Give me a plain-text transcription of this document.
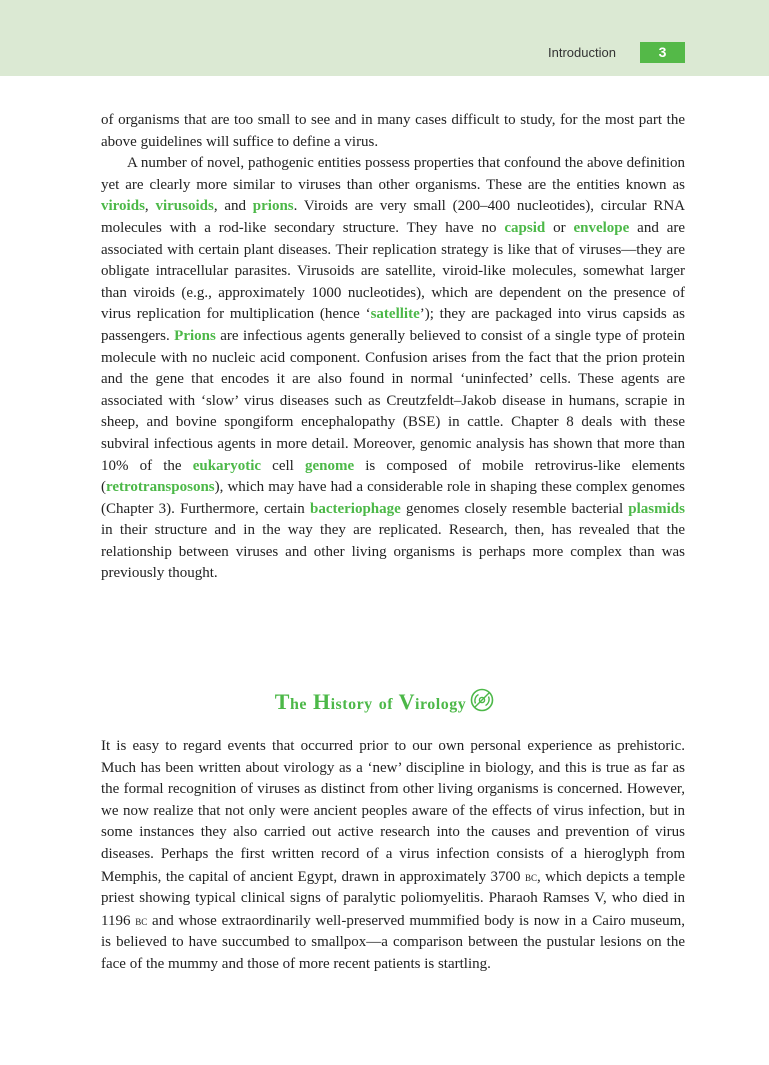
Introduction	3

of organisms that are too small to see and in many cases difficult to study, for the most part the above guidelines will suffice to define a virus.

A number of novel, pathogenic entities possess properties that confound the above definition yet are clearly more similar to viruses than other organisms. These are the entities known as viroids, virusoids, and prions. Viroids are very small (200–400 nucleotides), circular RNA molecules with a rod-like secondary structure. They have no capsid or envelope and are associated with certain plant diseases. Their replication strategy is like that of viruses—they are obligate intracellular parasites. Virusoids are satellite, viroid-like molecules, somewhat larger than viroids (e.g., approximately 1000 nucleotides), which are dependent on the presence of virus replication for multiplication (hence ‘satellite’); they are packaged into virus capsids as passengers. Prions are infectious agents generally believed to consist of a single type of protein molecule with no nucleic acid component. Confusion arises from the fact that the prion protein and the gene that encodes it are also found in normal ‘uninfected’ cells. These agents are associated with ‘slow’ virus diseases such as Creutzfeldt–Jakob disease in humans, scrapie in sheep, and bovine spongiform encephalopathy (BSE) in cattle. Chapter 8 deals with these subviral infectious agents in more detail. Moreover, genomic analysis has shown that more than 10% of the eukaryotic cell genome is composed of mobile retrovirus-like elements (retrotransposons), which may have had a considerable role in shaping these complex genomes (Chapter 3). Furthermore, certain bacteriophage genomes closely resemble bacterial plasmids in their structure and in the way they are replicated. Research, then, has revealed that the relationship between viruses and other living organisms is perhaps more complex than was previously thought.

The History of Virology

It is easy to regard events that occurred prior to our own personal experience as prehistoric. Much has been written about virology as a ‘new’ discipline in biology, and this is true as far as the formal recognition of viruses as distinct from other living organisms is concerned. However, we now realize that not only were ancient peoples aware of the effects of virus infection, but in some instances they also carried out active research into the causes and prevention of virus diseases. Perhaps the first written record of a virus infection consists of a hieroglyph from Memphis, the capital of ancient Egypt, drawn in approximately 3700 bc, which depicts a temple priest showing typical clinical signs of paralytic poliomyelitis. Pharaoh Ramses V, who died in 1196 bc and whose extraordinarily well-preserved mummified body is now in a Cairo museum, is believed to have succumbed to smallpox—a comparison between the pustular lesions on the face of the mummy and those of more recent patients is startling.
